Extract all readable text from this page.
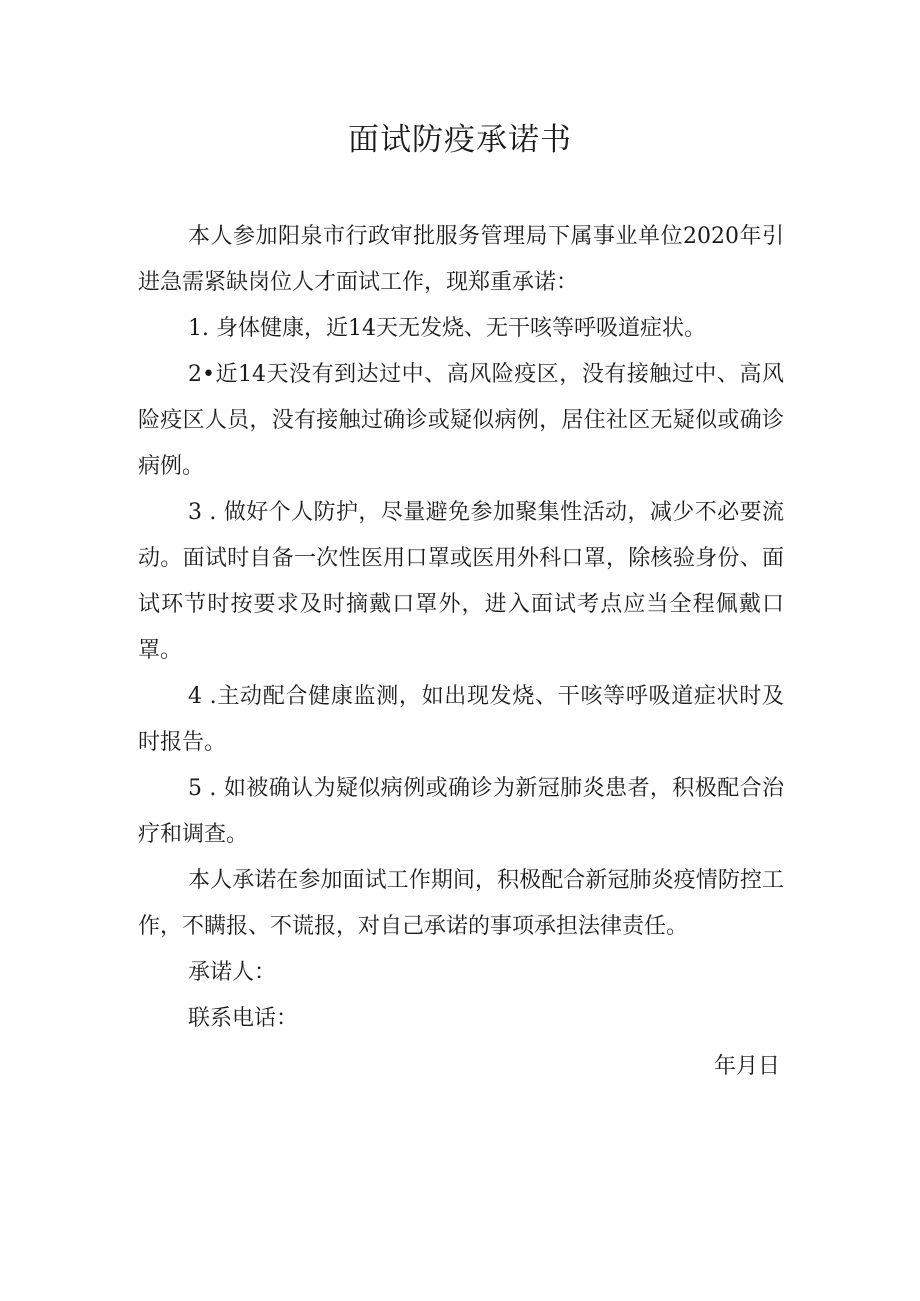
面试防疫承诺书

本人参加阳泉市行政审批服务管理局下属事业单位2020年引进急需紧缺岗位人才面试工作，现郑重承诺：

1. 身体健康，近14天无发烧、无干咳等呼吸道症状。

2•近14天没有到达过中、高风险疫区，没有接触过中、高风险疫区人员，没有接触过确诊或疑似病例，居住社区无疑似或确诊病例。

3 . 做好个人防护，尽量避免参加聚集性活动，减少不必要流动。面试时自备一次性医用口罩或医用外科口罩，除核验身份、面试环节时按要求及时摘戴口罩外，进入面试考点应当全程佩戴口罩。

4 .主动配合健康监测，如出现发烧、干咳等呼吸道症状时及时报告。

5 . 如被确认为疑似病例或确诊为新冠肺炎患者，积极配合治疗和调查。

本人承诺在参加面试工作期间，积极配合新冠肺炎疫情防控工作，不瞒报、不谎报，对自己承诺的事项承担法律责任。

承诺人：

联系电话：

年月日
